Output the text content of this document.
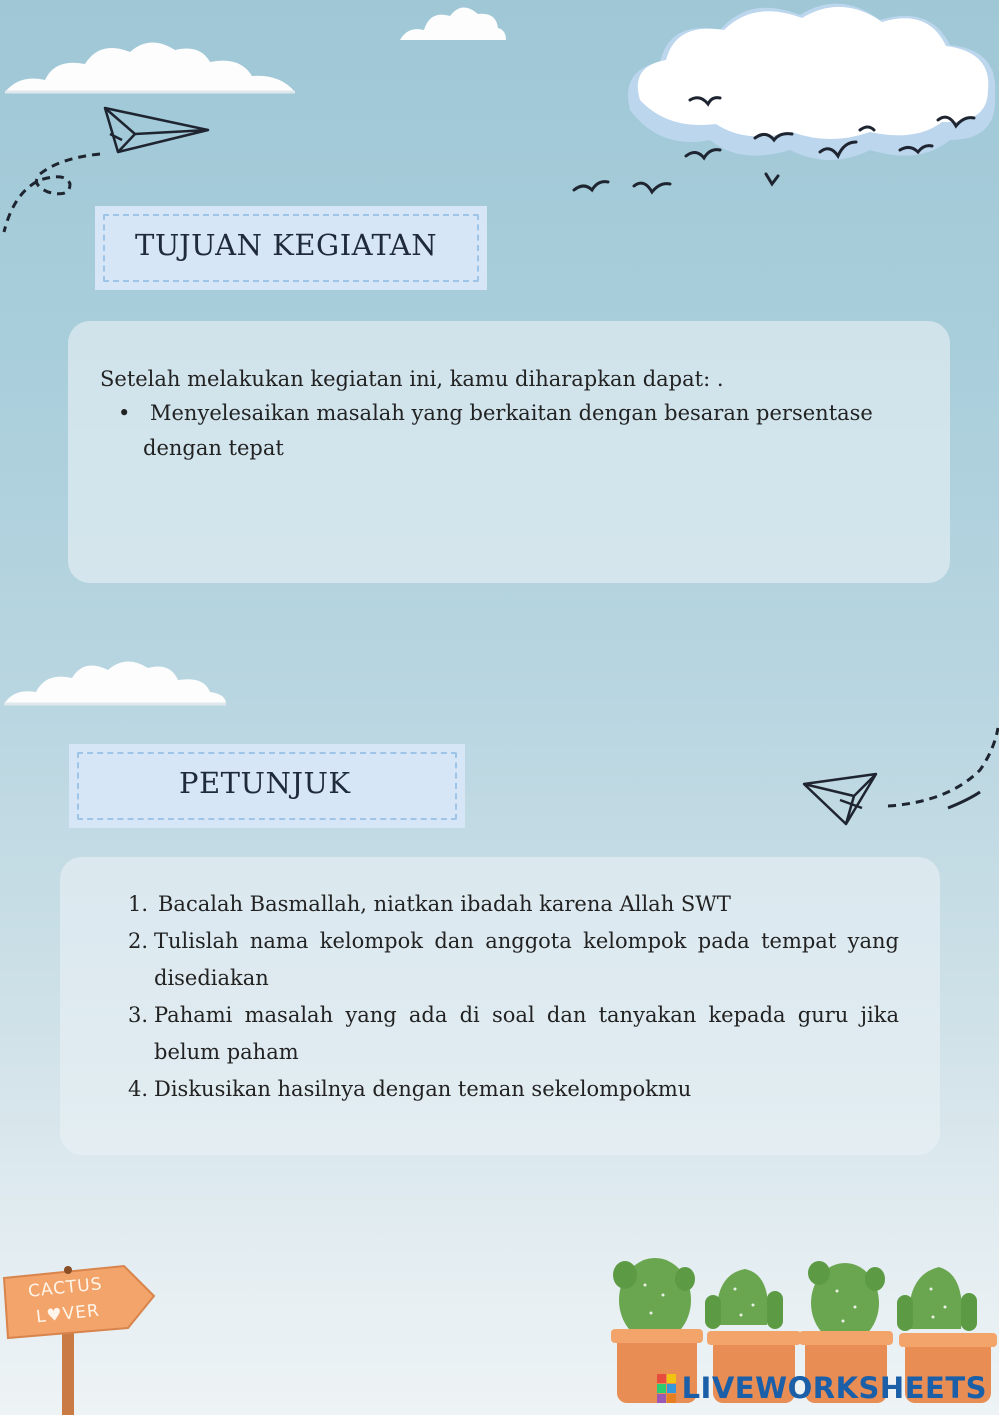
TUJUAN KEGIATAN
Setelah melakukan kegiatan ini, kamu diharapkan dapat: .
• Menyelesaikan masalah yang berkaitan dengan besaran persentase
dengan tepat
PETUNJUK
1. Bacalah Basmallah, niatkan ibadah karena Allah SWT
2. Tulislah nama kelompok dan anggota kelompok pada tempat yang disediakan
3. Pahami masalah yang ada di soal dan tanyakan kepada guru jika belum paham
4. Diskusikan hasilnya dengan teman sekelompokmu
CACTUS
L♥VER
LIVEWORKSHEETS
